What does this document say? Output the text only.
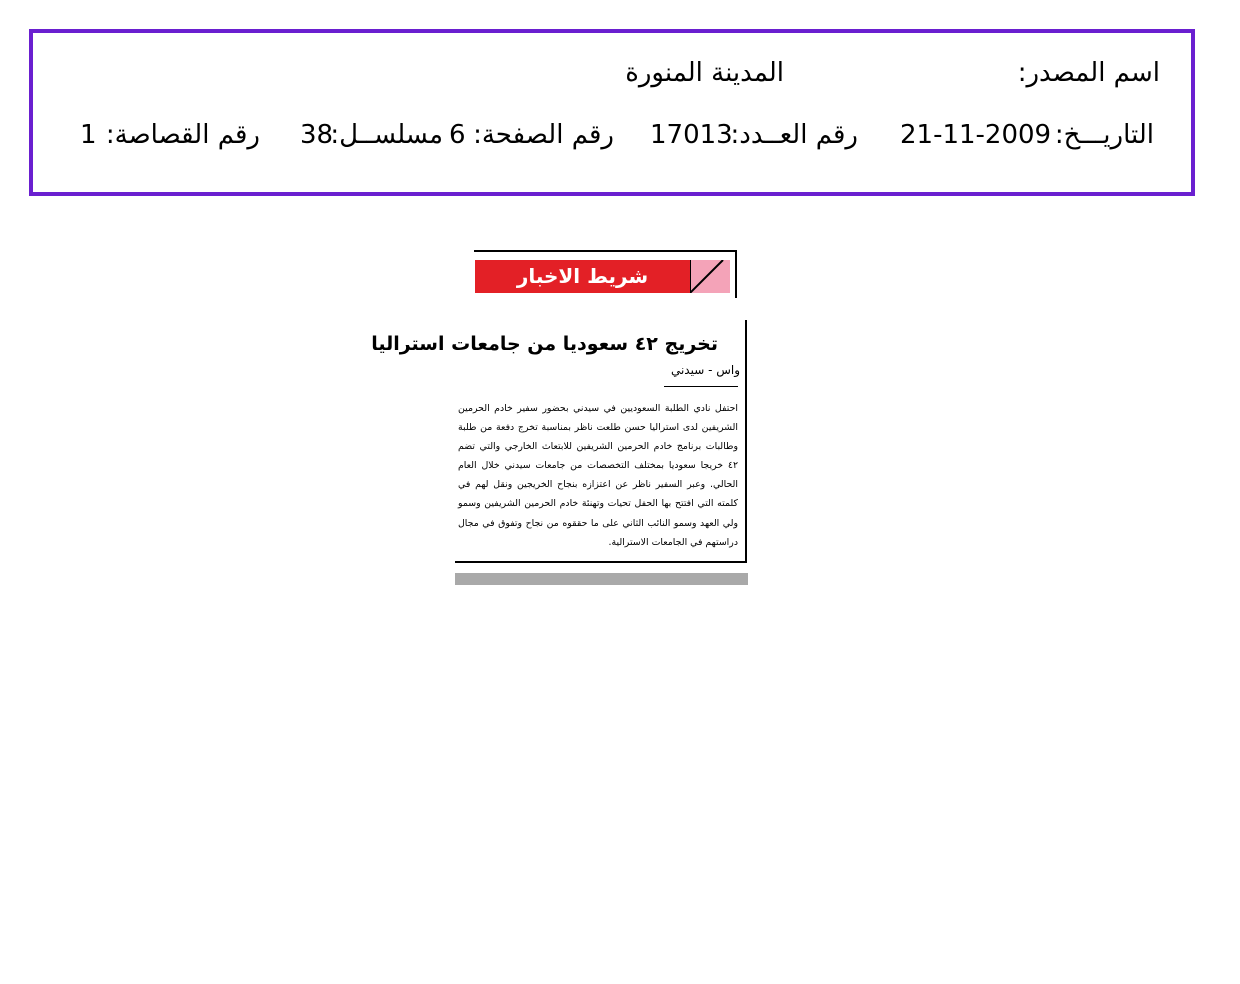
اسم المصدر:
المدينة المنورة
التاريـــخ:
21-11-2009
رقم العــدد:
17013
رقم الصفحة:
6
مسلســل:
38
رقم القصاصة:
1
شريط الاخبار
تخريج ٤٢ سعوديا من جامعات استراليا
واس - سيدني
احتفل نادي الطلبة السعوديين في سيدني بحضور سفير خادم الحرمين الشريفين لدى استراليا حسن طلعت ناظر بمناسبة تخرج دفعة من طلبة وطالبات برنامج خادم الحرمين الشريفين للابتعاث الخارجي والتي تضم ٤٢ خريجا سعوديا بمختلف التخصصات من جامعات سيدني خلال العام الحالي. وعبر السفير ناظر عن اعتزازه بنجاح الخريجين ونقل لهم في كلمته التي افتتح بها الحفل تحيات وتهنئة خادم الحرمين الشريفين وسمو ولي العهد وسمو النائب الثاني على ما حققوه من نجاح وتفوق في مجال دراستهم في الجامعات الاسترالية.
